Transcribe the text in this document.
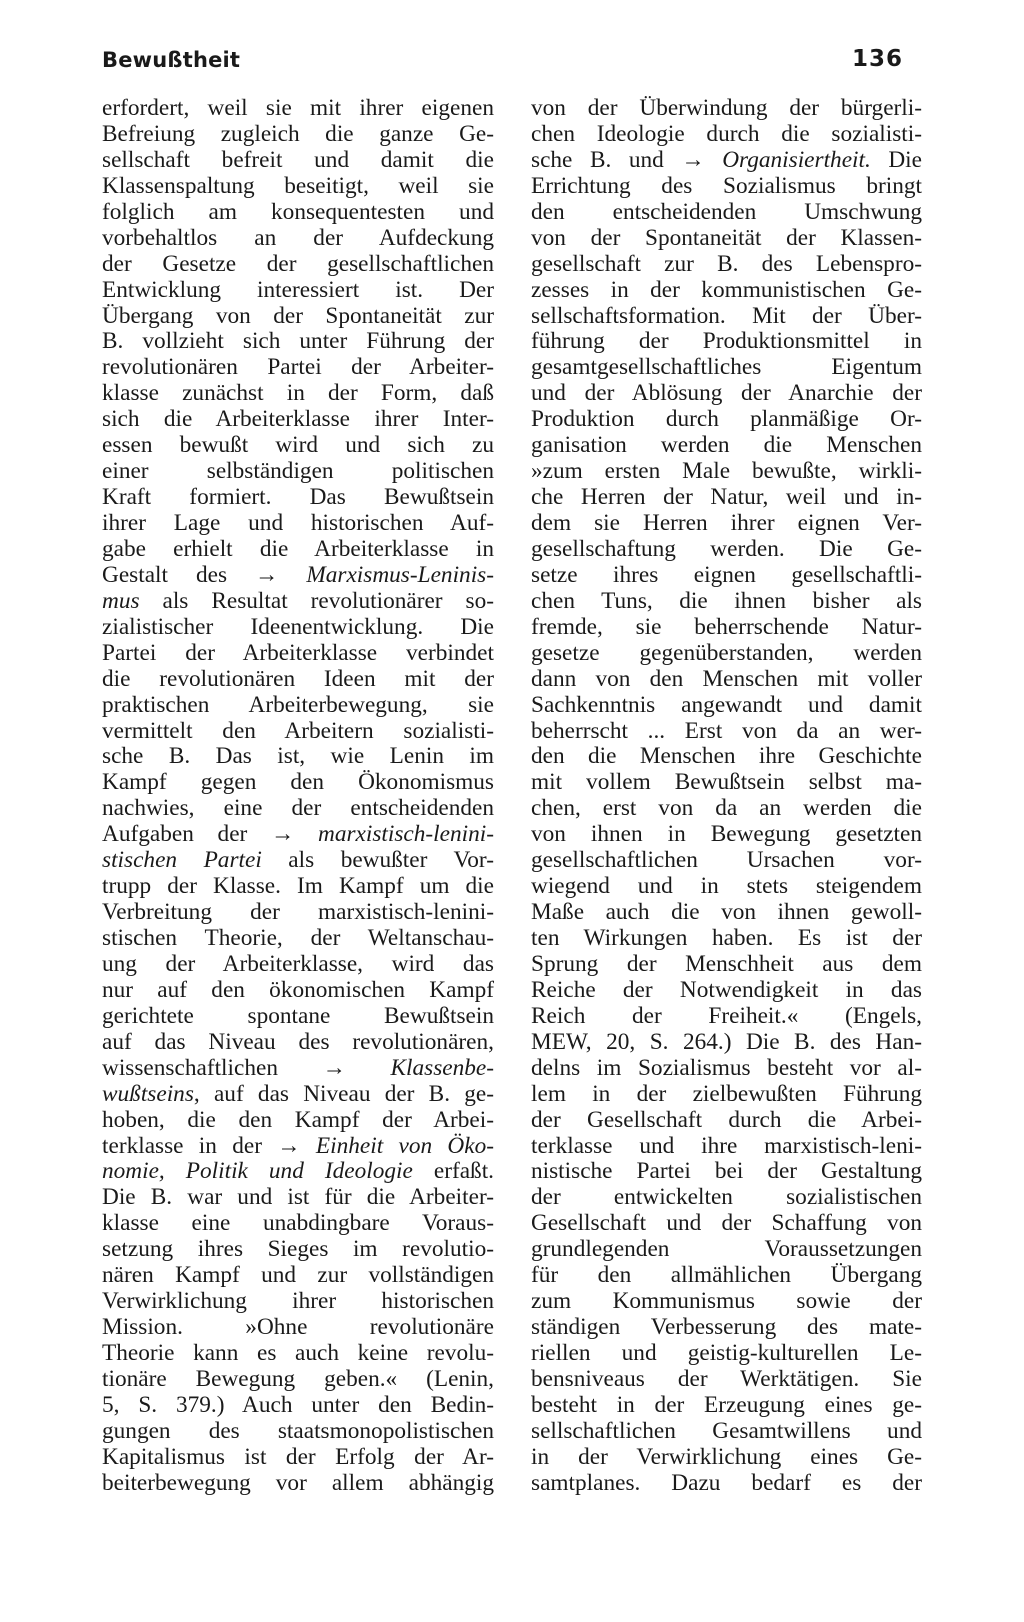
Bewußtheit	136
erfordert, weil sie mit ihrer eigenen
Befreiung zugleich die ganze Ge-
sellschaft befreit und damit die
Klassenspaltung beseitigt, weil sie
folglich am konsequentesten und
vorbehaltlos an der Aufdeckung
der Gesetze der gesellschaftlichen
Entwicklung interessiert ist. Der
Übergang von der Spontaneität zur
B. vollzieht sich unter Führung der
revolutionären Partei der Arbeiter-
klasse zunächst in der Form, daß
sich die Arbeiterklasse ihrer Inter-
essen bewußt wird und sich zu
einer selbständigen politischen
Kraft formiert. Das Bewußtsein
ihrer Lage und historischen Auf-
gabe erhielt die Arbeiterklasse in
Gestalt des → Marxismus-Leninis-
mus als Resultat revolutionärer so-
zialistischer Ideenentwicklung. Die
Partei der Arbeiterklasse verbindet
die revolutionären Ideen mit der
praktischen Arbeiterbewegung, sie
vermittelt den Arbeitern sozialisti-
sche B. Das ist, wie Lenin im
Kampf gegen den Ökonomismus
nachwies, eine der entscheidenden
Aufgaben der → marxistisch-lenini-
stischen Partei als bewußter Vor-
trupp der Klasse. Im Kampf um die
Verbreitung der marxistisch-lenini-
stischen Theorie, der Weltanschau-
ung der Arbeiterklasse, wird das
nur auf den ökonomischen Kampf
gerichtete spontane Bewußtsein
auf das Niveau des revolutionären,
wissenschaftlichen → Klassenbe-
wußtseins, auf das Niveau der B. ge-
hoben, die den Kampf der Arbei-
terklasse in der → Einheit von Öko-
nomie, Politik und Ideologie erfaßt.
Die B. war und ist für die Arbeiter-
klasse eine unabdingbare Voraus-
setzung ihres Sieges im revolutio-
nären Kampf und zur vollständigen
Verwirklichung ihrer historischen
Mission. »Ohne revolutionäre
Theorie kann es auch keine revolu-
tionäre Bewegung geben.« (Lenin,
5, S. 379.) Auch unter den Bedin-
gungen des staatsmonopolistischen
Kapitalismus ist der Erfolg der Ar-
beiterbewegung vor allem abhängig
von der Überwindung der bürgerli-
chen Ideologie durch die sozialisti-
sche B. und → Organisiertheit. Die
Errichtung des Sozialismus bringt
den entscheidenden Umschwung
von der Spontaneität der Klassen-
gesellschaft zur B. des Lebenspro-
zesses in der kommunistischen Ge-
sellschaftsformation. Mit der Über-
führung der Produktionsmittel in
gesamtgesellschaftliches Eigentum
und der Ablösung der Anarchie der
Produktion durch planmäßige Or-
ganisation werden die Menschen
»zum ersten Male bewußte, wirkli-
che Herren der Natur, weil und in-
dem sie Herren ihrer eignen Ver-
gesellschaftung werden. Die Ge-
setze ihres eignen gesellschaftli-
chen Tuns, die ihnen bisher als
fremde, sie beherrschende Natur-
gesetze gegenüberstanden, werden
dann von den Menschen mit voller
Sachkenntnis angewandt und damit
beherrscht ... Erst von da an wer-
den die Menschen ihre Geschichte
mit vollem Bewußtsein selbst ma-
chen, erst von da an werden die
von ihnen in Bewegung gesetzten
gesellschaftlichen Ursachen vor-
wiegend und in stets steigendem
Maße auch die von ihnen gewoll-
ten Wirkungen haben. Es ist der
Sprung der Menschheit aus dem
Reiche der Notwendigkeit in das
Reich der Freiheit.« (Engels,
MEW, 20, S. 264.) Die B. des Han-
delns im Sozialismus besteht vor al-
lem in der zielbewußten Führung
der Gesellschaft durch die Arbei-
terklasse und ihre marxistisch-leni-
nistische Partei bei der Gestaltung
der entwickelten sozialistischen
Gesellschaft und der Schaffung von
grundlegenden Voraussetzungen
für den allmählichen Übergang
zum Kommunismus sowie der
ständigen Verbesserung des mate-
riellen und geistig-kulturellen Le-
bensniveaus der Werktätigen. Sie
besteht in der Erzeugung eines ge-
sellschaftlichen Gesamtwillens und
in der Verwirklichung eines Ge-
samtplanes. Dazu bedarf es der
